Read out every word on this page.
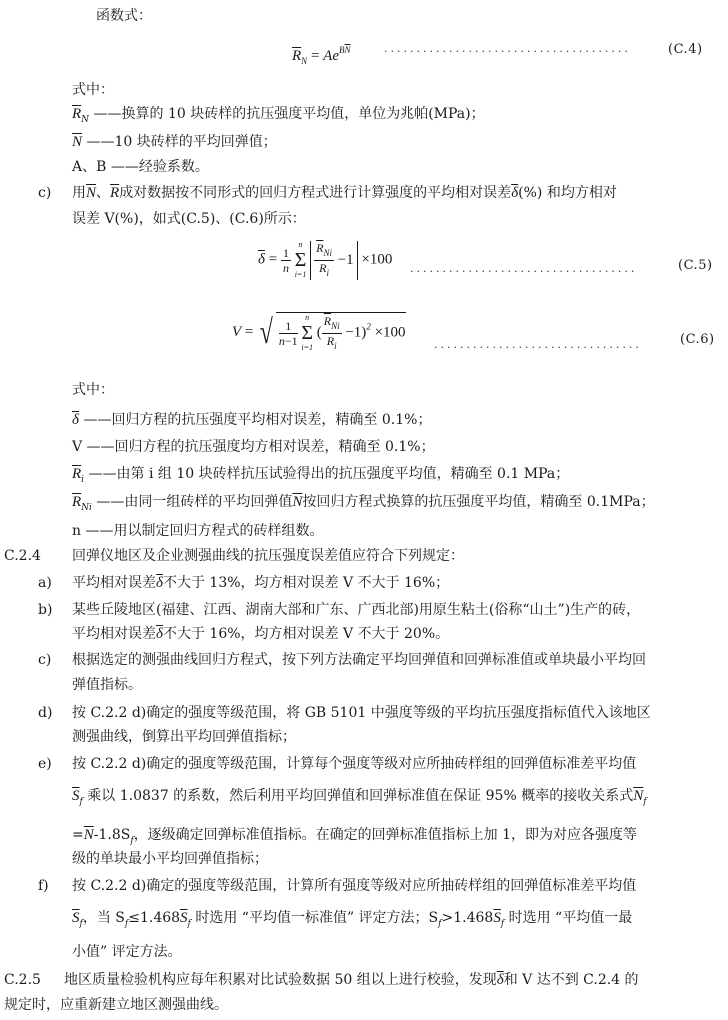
函数式：
$\overline{R}_N = Ae^{B\overline{N}}$	......................................	(C.4)
式中：
$\overline{R}_N$ ——换算的 10 块砖样的抗压强度平均值，单位为兆帕(MPa)；
$\overline{N}$ ——10 块砖样的平均回弹值；
A、B ——经验系数。
c) 用$\overline{N}$、$\overline{R}$成对数据按不同形式的回归方程式进行计算强度的平均相对误差$\overline{\delta}(\%)$ 和均方相对
误差 V(%)，如式(C.5)、(C.6)所示：
$\overline{\delta} = \frac{1}{n}$

n
Σ
i=1
$\frac{\overline{R}_{Ni}}{\overline{R}_i} -1 \times 100$
...................................	(C.5)
V = √ $\frac{1}{n-1}$

n
Σ
i=1
( $\frac{\overline{R}_{Ni}}{\overline{R}_i} -1)^2 \times 100$
................................	(C.6)
式中：
$\overline{\delta}$ ——回归方程的抗压强度平均相对误差，精确至 0.1%；
V ——回归方程的抗压强度均方相对误差，精确至 0.1%；
$\overline{R}_i$ ——由第 i 组 10 块砖样抗压试验得出的抗压强度平均值，精确至 0.1 MPa；
$\overline{R}_{Ni}$ ——由同一组砖样的平均回弹值$\overline{N}$按回归方程式换算的抗压强度平均值，精确至 0.1MPa；
n ——用以制定回归方程式的砖样组数。
C.2.4 回弹仪地区及企业测强曲线的抗压强度误差值应符合下列规定：
a) 平均相对误差$\overline{\delta}$不大于 13%，均方相对误差 V 不大于 16%；
b) 某些丘陵地区(福建、江西、湖南大部和广东、广西北部)用原生粘土(俗称“山土”)生产的砖，
平均相对误差$\overline{\delta}$不大于 16%，均方相对误差 V 不大于 20%。
c) 根据选定的测强曲线回归方程式，按下列方法确定平均回弹值和回弹标准值或单块最小平均回
弹值指标。
d) 按 C.2.2 d)确定的强度等级范围，将 GB 5101 中强度等级的平均抗压强度指标值代入该地区
测强曲线，倒算出平均回弹值指标；
e) 按 C.2.2 d)确定的强度等级范围，计算每个强度等级对应所抽砖样组的回弹值标准差平均值
$\overline{S}_f$ 乘以 1.0837 的系数，然后利用平均回弹值和回弹标准值在保证 95% 概率的接收关系式$\overline{N}_f$
$=\overline{N}-1.8S_f$，逐级确定回弹标准值指标。在确定的回弹标准值指标上加 1，即为对应各强度等
级的单块最小平均回弹值指标；
f) 按 C.2.2 d)确定的强度等级范围，计算所有强度等级对应所抽砖样组的回弹值标准差平均值
$\overline{S}_f$，当 $S_f\le 1.468\overline{S}_f$ 时选用 “平均值一标准值” 评定方法；$S_f>1.468\overline{S}_f$ 时选用 “平均值一最
小值” 评定方法。
C.2.5 地区质量检验机构应每年积累对比试验数据 50 组以上进行校验，发现$\overline{\delta}$和 V 达不到 C.2.4 的
规定时，应重新建立地区测强曲线。
